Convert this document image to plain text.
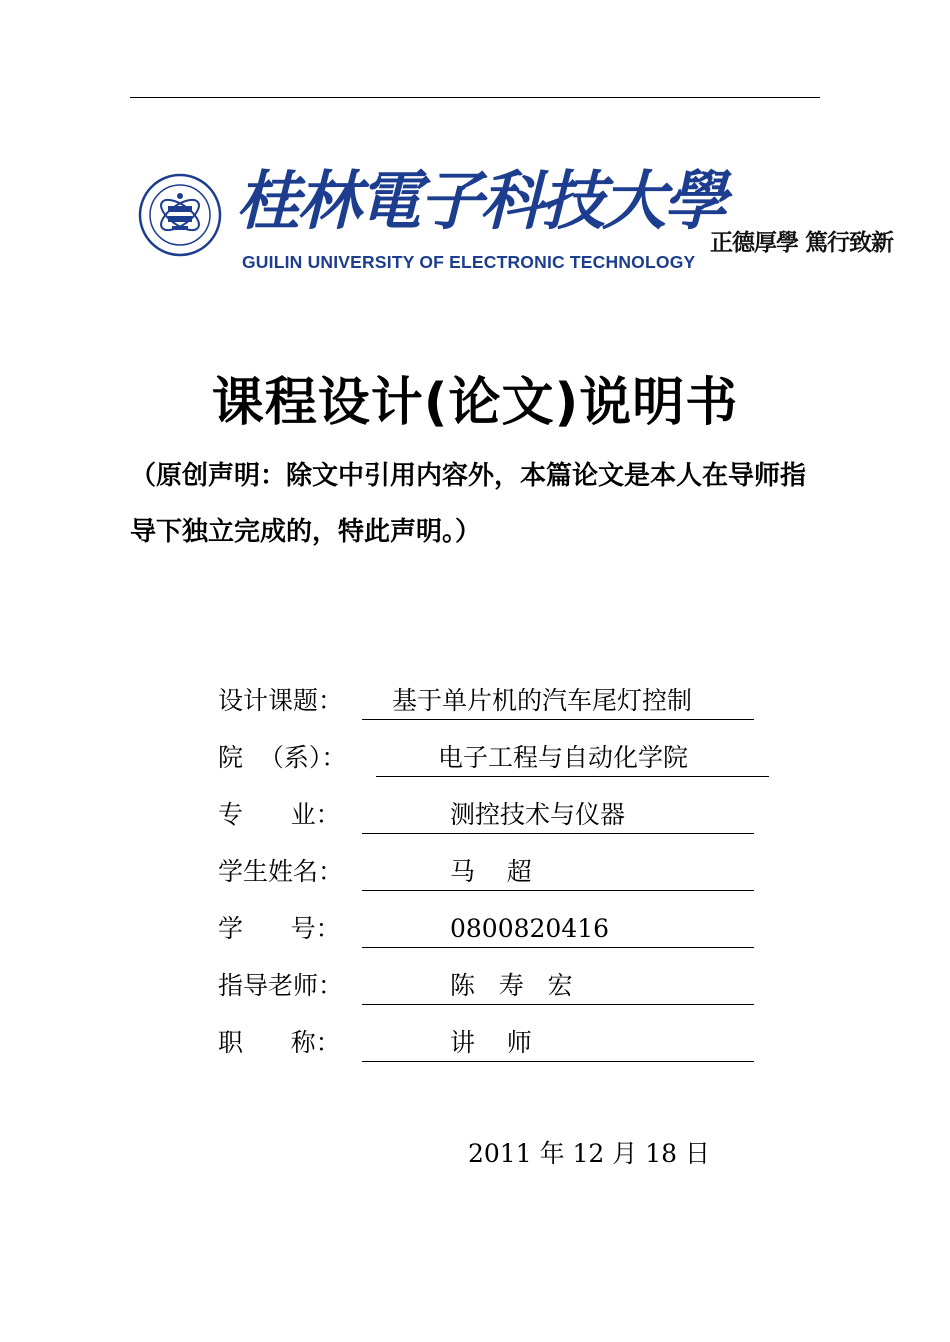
桂林電子科技大學
GUILIN UNIVERSITY OF ELECTRONIC TECHNOLOGY
正德厚學 篤行致新
课程设计(论文)说明书
（原创声明：除文中引用内容外，本篇论文是本人在导师指导下独立完成的，特此声明。）
设计课题： 基于单片机的汽车尾灯控制
院  （系）：	电子工程与自动化学院
专      业：	测控技术与仪器
学生姓名：	马    超
学      号：	0800820416
指导老师：	陈   寿   宏
职      称：	讲    师
2011 年 12 月 18 日
